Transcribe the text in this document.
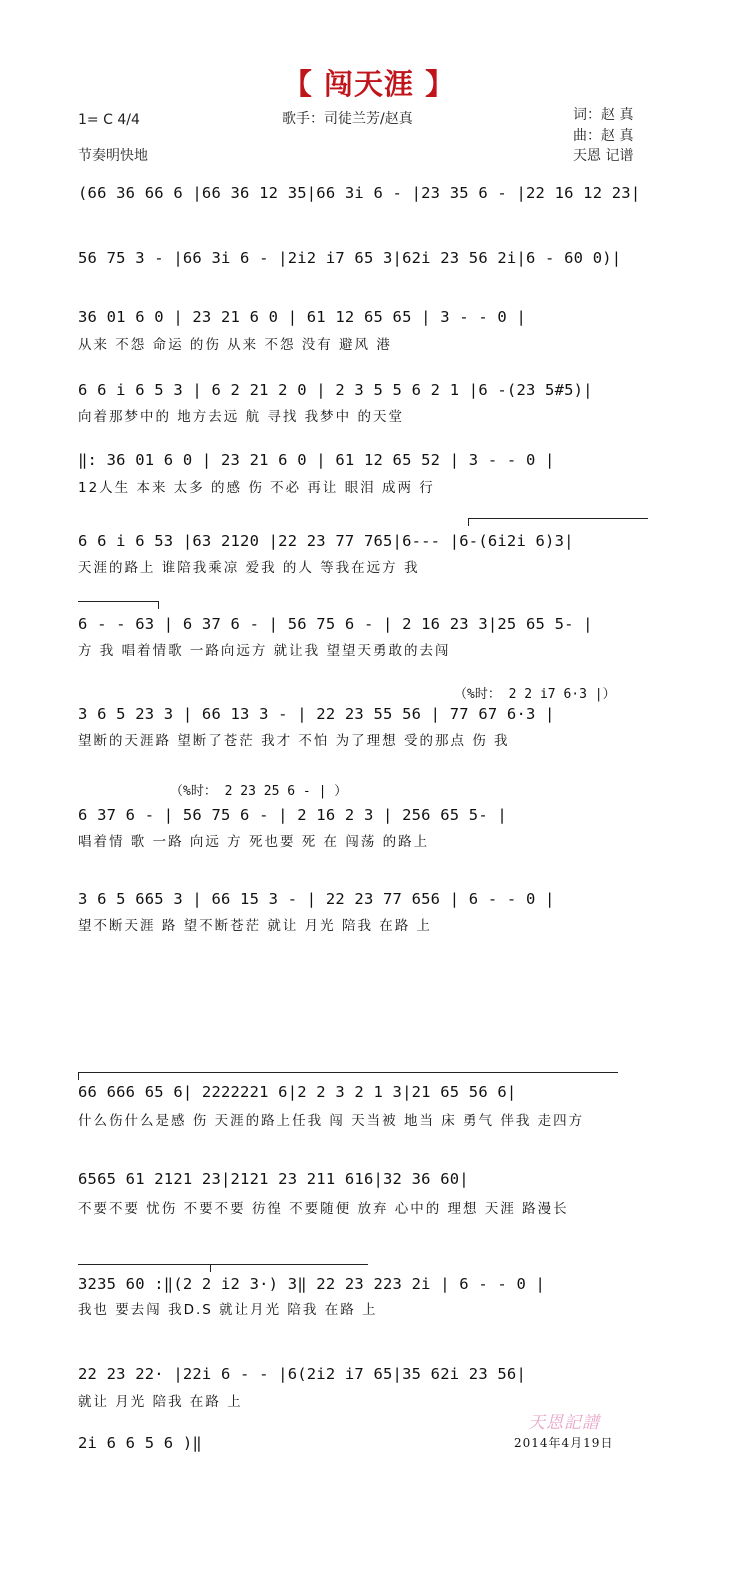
【 闯天涯 】
1= C 4/4	歌手：司徒兰芳/赵真
节奏明快地
词：赵 真
曲：赵 真
天恩 记谱
(66 36 66 6 |66 36 12 35|66 3i 6 - |23 35 6 - |22 16 12 23|
56 75 3 - |66 3i 6 - |2i2 i7 65 3|62i 23 56 2i|6 - 60 0)|
36 01 6 0 | 23 21 6 0 | 61 12 65 65 | 3 - - 0 |
从来 不怨 命运 的伤 从来 不怨 没有 避风 港
6 6 i 6 5 3 | 6 2 21 2 0 | 2 3 5 5 6 2 1 |6 -(23 5#5)|
向着那梦中的 地方去远 航 寻找 我梦中 的天堂
‖: 36 01 6 0 | 23 21 6 0 | 61 12 65 52 | 3 - - 0 |
12人生 本来 太多 的感 伤 不必 再让 眼泪 成两 行
6 6 i 6 53 |63 2120 |22 23 77 765|6--- |6-(6i2i 6)3|
天涯的路上 谁陪我乘凉 爱我 的人 等我在远方 我
6 - - 63 | 6 37 6 - | 56 75 6 - | 2 16 23 3|25 65 5- |
方 我 唱着情歌 一路向远方 就让我 望望天勇敢的去闯
（%时： 2 2 i7 6·3 |）
3 6 5 23 3 | 66 13 3 - | 22 23 55 56 | 77 67 6·3 |
望断的天涯路 望断了苍茫 我才 不怕 为了理想 受的那点 伤 我
（%时： 2 23 25 6 - | ）
6 37 6 - | 56 75 6 - | 2 16 2 3 | 256 65 5- |
唱着情 歌 一路 向远 方 死也要 死 在 闯荡 的路上
3 6 5 665 3 | 66 15 3 - | 22 23 77 656 | 6 - - 0 |
望不断天涯 路 望不断苍茫 就让 月光 陪我 在路 上
66 666 65 6| 2222221 6|2 2 3 2 1 3|21 65 56 6|
什么伤什么是感 伤 天涯的路上任我 闯 天当被 地当 床 勇气 伴我 走四方
6565 61 2121 23|2121 23 211 616|32 36 60|
不要不要 忧伤 不要不要 彷徨 不要随便 放弃 心中的 理想 天涯 路漫长
3235 60 :‖(2 2 i2 3·) 3‖ 22 23 223 2i | 6 - - 0 |
我也 要去闯 我D.S 就让月光 陪我 在路 上
22 23 22· |22i 6 - - |6(2i2 i7 65|35 62i 23 56|
就让 月光 陪我 在路 上
2i 6 6 5 6 )‖
天恩記譜
2014年4月19日
